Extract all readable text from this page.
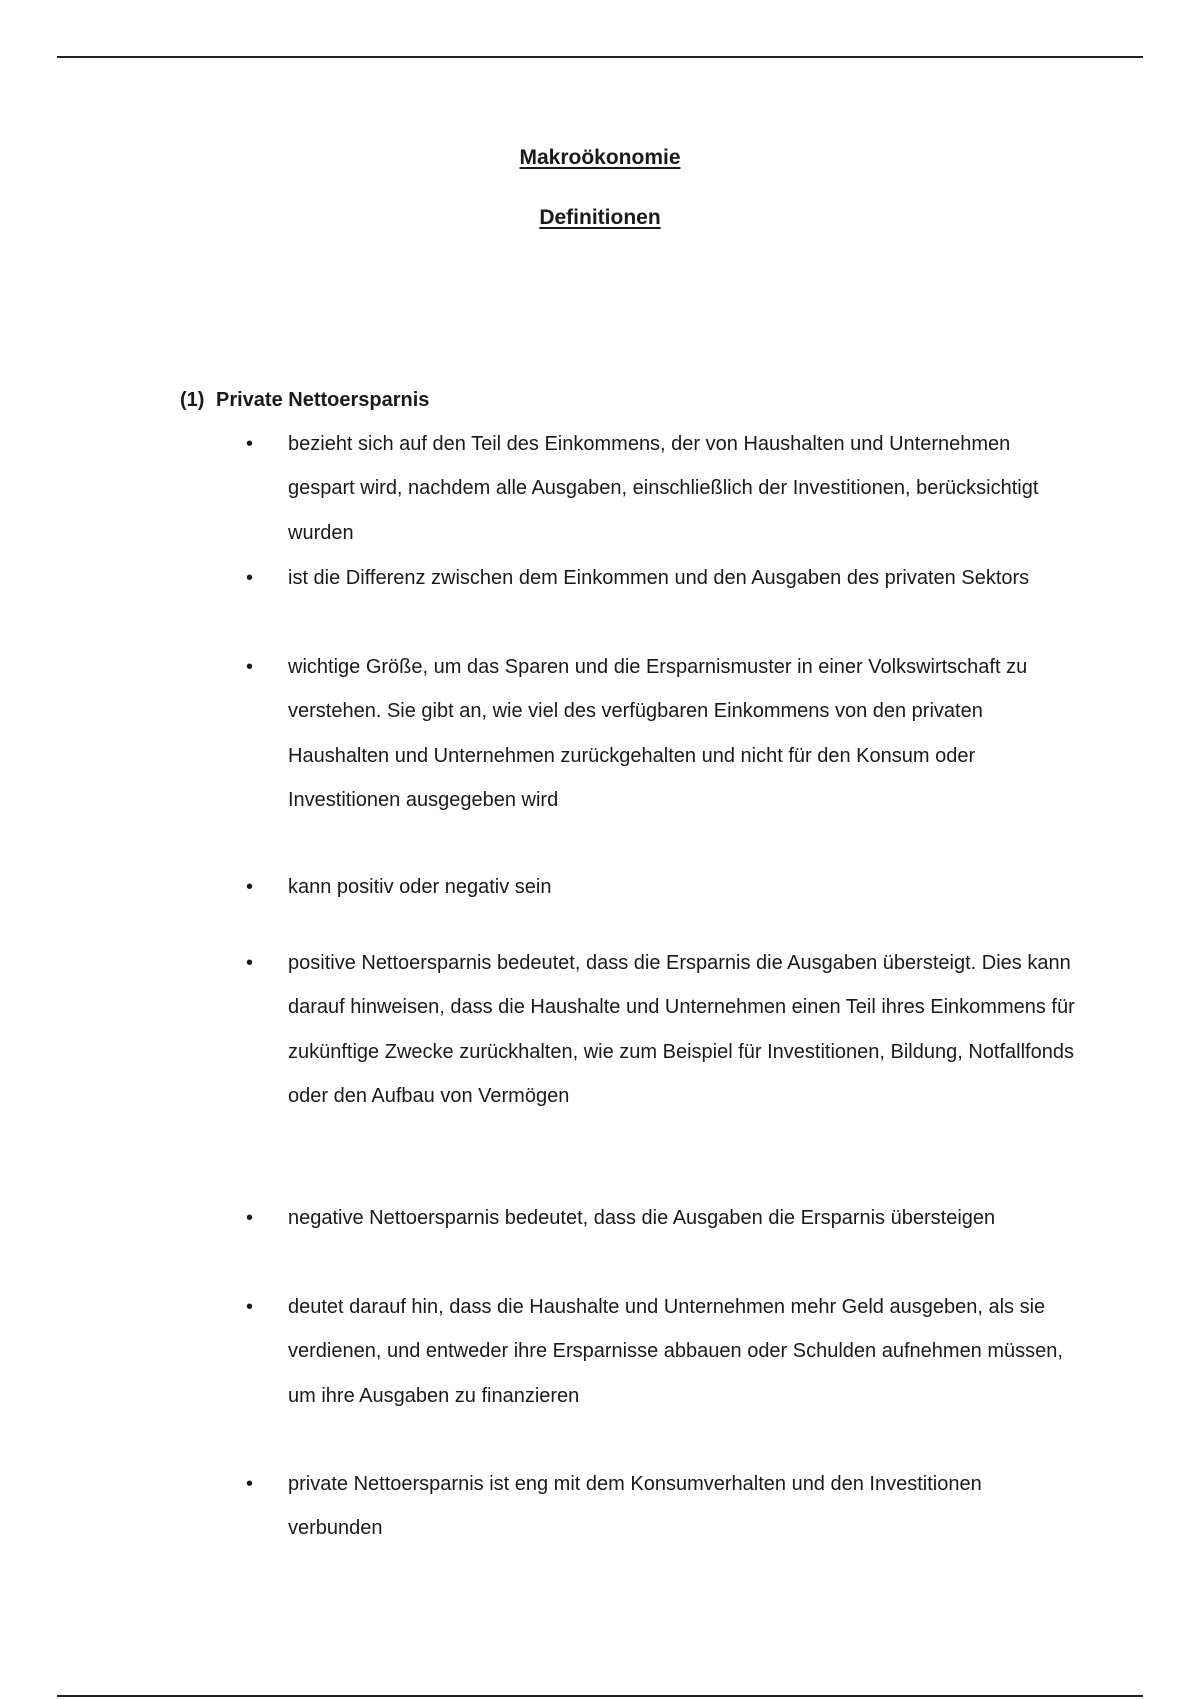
Makroökonomie
Definitionen
(1) Private Nettoersparnis
•	bezieht sich auf den Teil des Einkommens, der von Haushalten und Unternehmen gespart wird, nachdem alle Ausgaben, einschließlich der Investitionen, berücksichtigt wurden
•	ist die Differenz zwischen dem Einkommen und den Ausgaben des privaten Sektors
•	wichtige Größe, um das Sparen und die Ersparnismuster in einer Volkswirtschaft zu verstehen. Sie gibt an, wie viel des verfügbaren Einkommens von den privaten Haushalten und Unternehmen zurückgehalten und nicht für den Konsum oder Investitionen ausgegeben wird
•	kann positiv oder negativ sein
•	positive Nettoersparnis bedeutet, dass die Ersparnis die Ausgaben übersteigt. Dies kann darauf hinweisen, dass die Haushalte und Unternehmen einen Teil ihres Einkommens für zukünftige Zwecke zurückhalten, wie zum Beispiel für Investitionen, Bildung, Notfallfonds oder den Aufbau von Vermögen
•	negative Nettoersparnis bedeutet, dass die Ausgaben die Ersparnis übersteigen
•	deutet darauf hin, dass die Haushalte und Unternehmen mehr Geld ausgeben, als sie verdienen, und entweder ihre Ersparnisse abbauen oder Schulden aufnehmen müssen, um ihre Ausgaben zu finanzieren
•	private Nettoersparnis ist eng mit dem Konsumverhalten und den Investitionen verbunden
